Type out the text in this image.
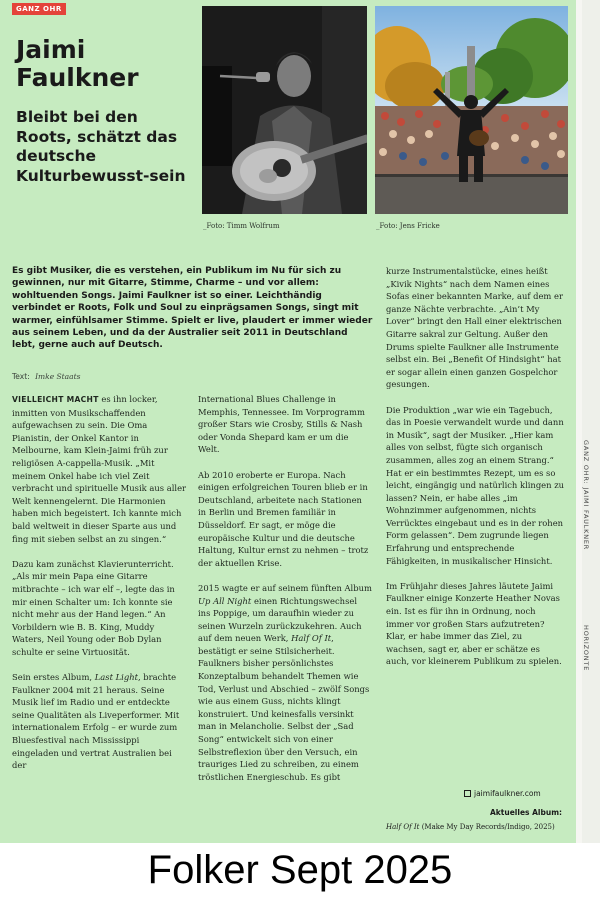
GANZ OHR
Jaimi Faulkner
Bleibt bei den Roots, schätzt das deutsche Kulturbewusst-sein
_Foto: Timm Wolfrum	_Foto: Jens Fricke

Es gibt Musiker, die es verstehen, ein Publikum im Nu für sich zu gewinnen, nur mit Gitarre, Stimme, Charme – und vor allem: wohltuenden Songs. Jaimi Faulkner ist so einer. Leichthändig verbindet er Roots, Folk und Soul zu einprägsamen Songs, singt mit warmer, einfühlsamer Stimme. Spielt er live, plaudert er immer wieder aus seinem Leben, und da der Australier seit 2011 in Deutschland lebt, gerne auch auf Deutsch.

Text: Imke Staats

VIELLEICHT MACHT es ihn locker, inmitten von Musikschaffenden aufgewachsen zu sein. Die Oma Pianistin, der Onkel Kantor in Melbourne, kam Klein-Jaimi früh zur religiösen A-cappella-Musik. „Mit meinem Onkel habe ich viel Zeit verbracht und spirituelle Musik aus aller Welt kennengelernt. Die Harmonien haben mich begeistert. Ich kannte mich bald weltweit in dieser Sparte aus und fing mit sieben selbst an zu singen.“

Dazu kam zunächst Klavierunterricht. „Als mir mein Papa eine Gitarre mitbrachte – ich war elf –, legte das in mir einen Schalter um: Ich konnte sie nicht mehr aus der Hand legen.“ An Vorbildern wie B. B. King, Muddy Waters, Neil Young oder Bob Dylan schulte er seine Virtuosität.

Sein erstes Album, Last Light, brachte Faulkner 2004 mit 21 heraus. Seine Musik lief im Radio und er entdeckte seine Qualitäten als Liveperformer. Mit internationalem Erfolg – er wurde zum Bluesfestival nach Mississippi eingeladen und vertrat Australien bei der

International Blues Challenge in Memphis, Tennessee. Im Vorprogramm großer Stars wie Crosby, Stills & Nash oder Vonda Shepard kam er um die Welt.

Ab 2010 eroberte er Europa. Nach einigen erfolgreichen Touren blieb er in Deutschland, arbeitete nach Stationen in Berlin und Bremen familiär in Düsseldorf. Er sagt, er möge die europäische Kultur und die deutsche Haltung, Kultur ernst zu nehmen – trotz der aktuellen Krise.

2015 wagte er auf seinem fünften Album Up All Night einen Richtungswechsel ins Poppige, um daraufhin wieder zu seinen Wurzeln zurückzukehren. Auch auf dem neuen Werk, Half Of It, bestätigt er seine Stilsicherheit. Faulkners bisher persönlichstes Konzeptalbum behandelt Themen wie Tod, Verlust und Abschied – zwölf Songs wie aus einem Guss, nichts klingt konstruiert. Und keinesfalls versinkt man in Melancholie. Selbst der „Sad Song“ entwickelt sich von einer Selbstreflexion über den Versuch, ein trauriges Lied zu schreiben, zu einem tröstlichen Energieschub. Es gibt

kurze Instrumentalstücke, eines heißt „Kivik Nights“ nach dem Namen eines Sofas einer bekannten Marke, auf dem er ganze Nächte verbrachte. „Ain’t My Lover“ bringt den Hall einer elektrischen Gitarre sakral zur Geltung. Außer den Drums spielte Faulkner alle Instrumente selbst ein. Bei „Benefit Of Hindsight“ hat er sogar allein einen ganzen Gospelchor gesungen.

Die Produktion „war wie ein Tagebuch, das in Poesie verwandelt wurde und dann in Musik“, sagt der Musiker. „Hier kam alles von selbst, fügte sich organisch zusammen, alles zog an einem Strang.“ Hat er ein bestimmtes Rezept, um es so leicht, eingängig und natürlich klingen zu lassen? Nein, er habe alles „im Wohnzimmer aufgenommen, nichts Verrücktes eingebaut und es in der rohen Form gelassen“. Dem zugrunde liegen Erfahrung und entsprechende Fähigkeiten, in musikalischer Hinsicht.

Im Frühjahr dieses Jahres läutete Jaimi Faulkner einige Konzerte Heather Novas ein. Ist es für ihn in Ordnung, noch immer vor großen Stars aufzutreten? Klar, er habe immer das Ziel, zu wachsen, sagt er, aber er schätze es auch, vor kleinerem Publikum zu spielen.

jaimifaulkner.com
Aktuelles Album:
Half Of It (Make My Day Records/Indigo, 2025)
GANZ OHR: JAIMI FAULKNER
HORIZONTE
Folker Sept 2025
